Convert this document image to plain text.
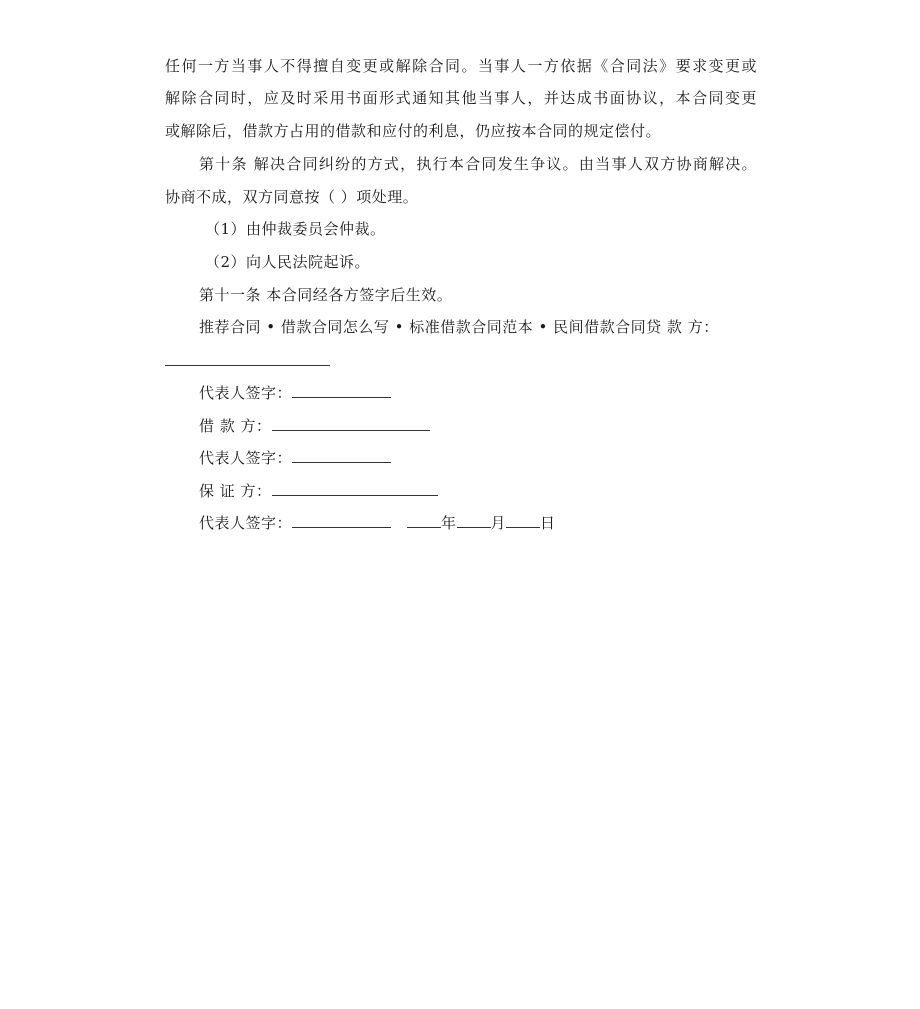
任何一方当事人不得擅自变更或解除合同。当事人一方依据《合同法》要求变更或
解除合同时，应及时采用书面形式通知其他当事人，并达成书面协议，本合同变更
或解除后，借款方占用的借款和应付的利息，仍应按本合同的规定偿付。
第十条 解决合同纠纷的方式，执行本合同发生争议。由当事人双方协商解决。
协商不成，双方同意按（ ）项处理。
（1）由仲裁委员会仲裁。
（2）向人民法院起诉。
第十一条 本合同经各方签字后生效。
推荐合同 • 借款合同怎么写 • 标准借款合同范本 • 民间借款合同贷 款 方：
代表人签字：
借 款 方：
代表人签字：
保 证 方：
代表人签字：	年 月 日
